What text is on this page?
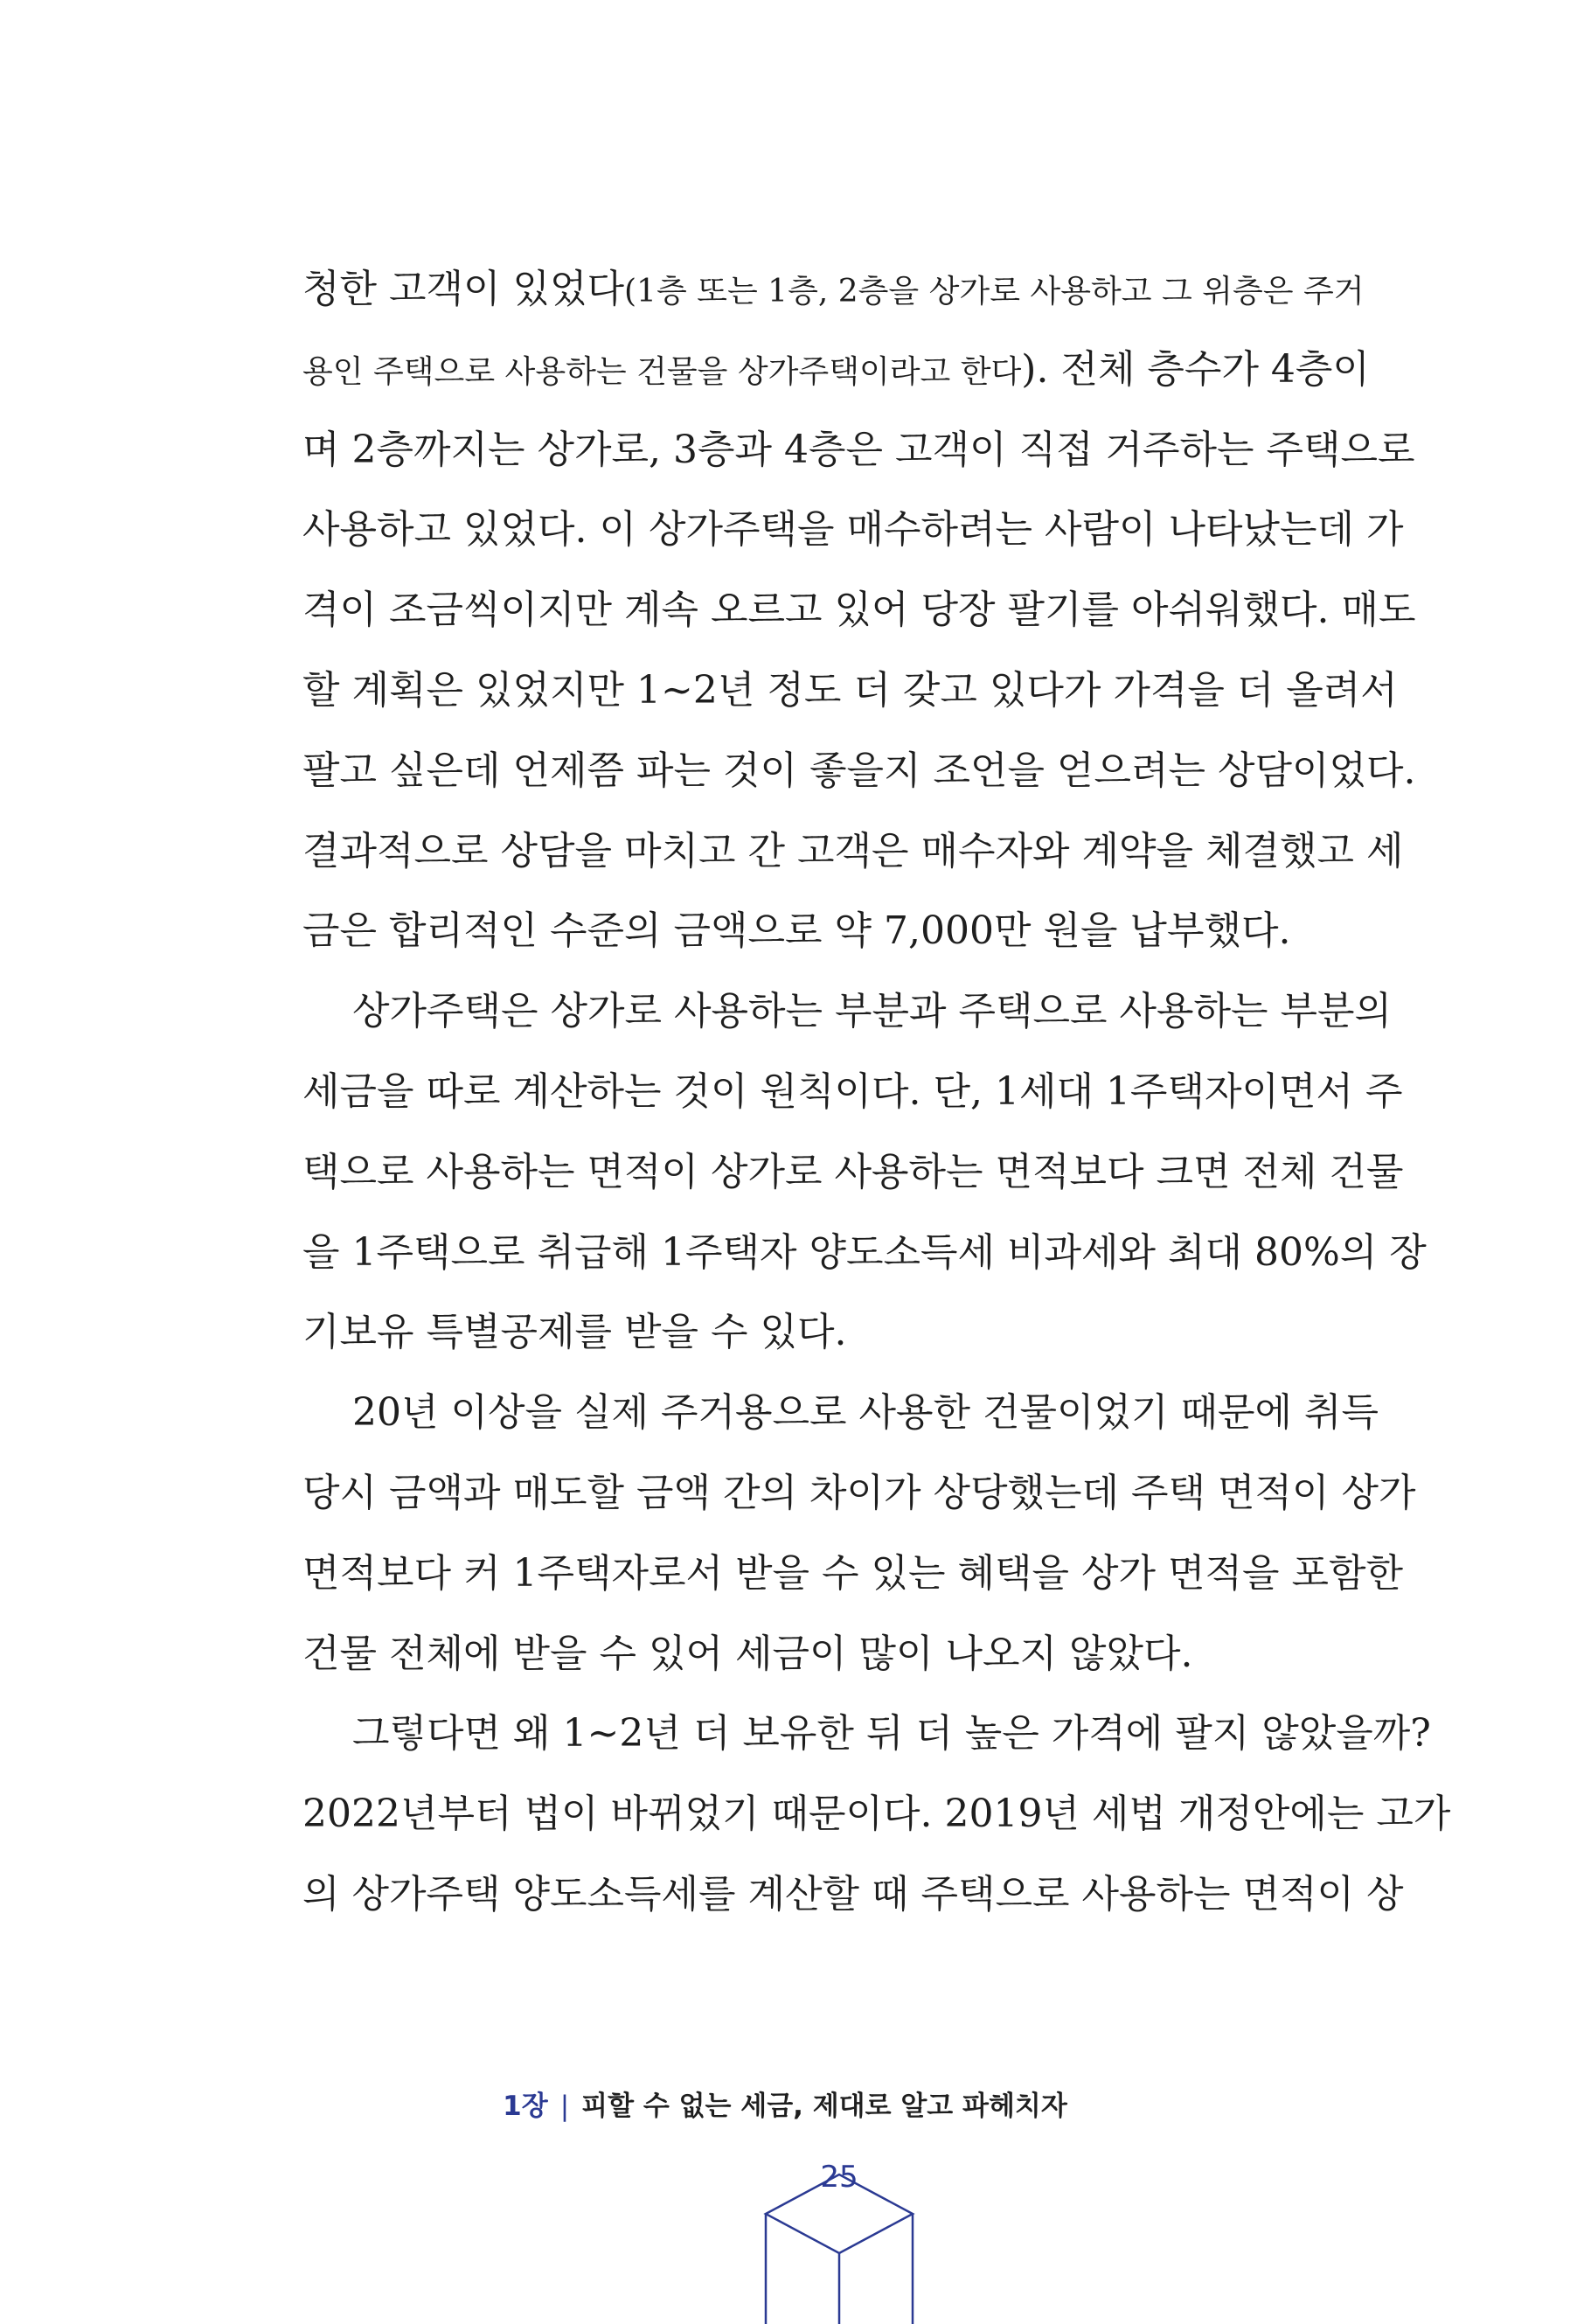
청한 고객이 있었다(1층 또는 1층, 2층을 상가로 사용하고 그 위층은 주거
용인 주택으로 사용하는 건물을 상가주택이라고 한다). 전체 층수가 4층이
며 2층까지는 상가로, 3층과 4층은 고객이 직접 거주하는 주택으로
사용하고 있었다. 이 상가주택을 매수하려는 사람이 나타났는데 가
격이 조금씩이지만 계속 오르고 있어 당장 팔기를 아쉬워했다. 매도
할 계획은 있었지만 1~2년 정도 더 갖고 있다가 가격을 더 올려서
팔고 싶은데 언제쯤 파는 것이 좋을지 조언을 얻으려는 상담이었다.
결과적으로 상담을 마치고 간 고객은 매수자와 계약을 체결했고 세
금은 합리적인 수준의 금액으로 약 7,000만 원을 납부했다.
상가주택은 상가로 사용하는 부분과 주택으로 사용하는 부분의
세금을 따로 계산하는 것이 원칙이다. 단, 1세대 1주택자이면서 주
택으로 사용하는 면적이 상가로 사용하는 면적보다 크면 전체 건물
을 1주택으로 취급해 1주택자 양도소득세 비과세와 최대 80%의 장
기보유 특별공제를 받을 수 있다.
20년 이상을 실제 주거용으로 사용한 건물이었기 때문에 취득
당시 금액과 매도할 금액 간의 차이가 상당했는데 주택 면적이 상가
면적보다 커 1주택자로서 받을 수 있는 혜택을 상가 면적을 포함한
건물 전체에 받을 수 있어 세금이 많이 나오지 않았다.
그렇다면 왜 1~2년 더 보유한 뒤 더 높은 가격에 팔지 않았을까?
2022년부터 법이 바뀌었기 때문이다. 2019년 세법 개정안에는 고가
의 상가주택 양도소득세를 계산할 때 주택으로 사용하는 면적이 상
1장 | 피할 수 없는 세금, 제대로 알고 파헤치자
25
